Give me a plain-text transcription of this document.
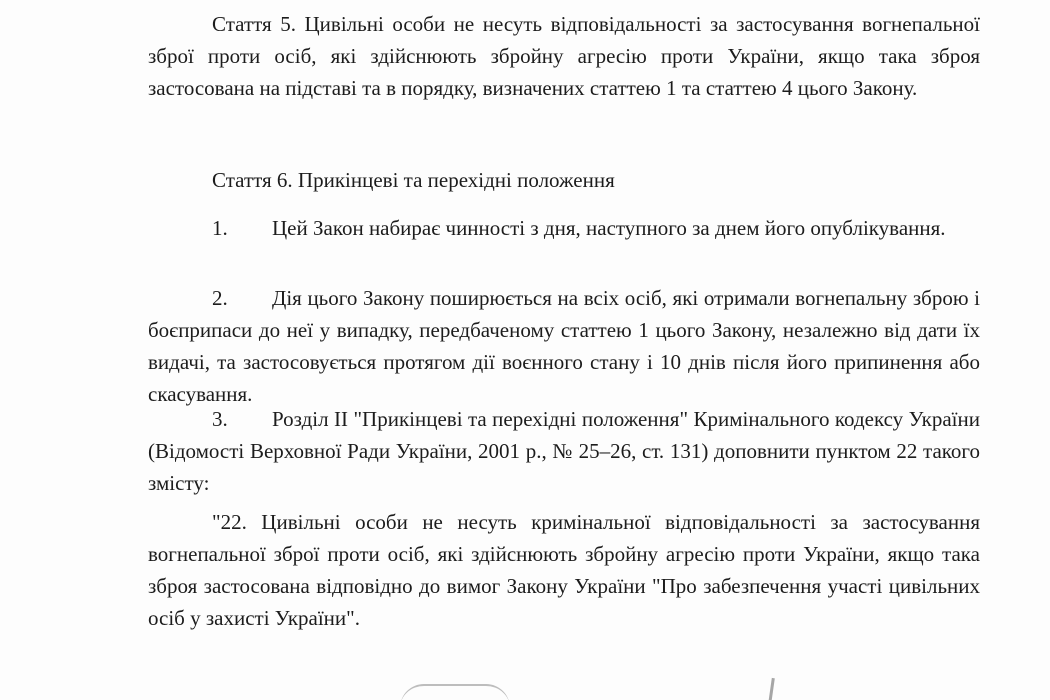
Стаття 5. Цивільні особи не несуть відповідальності за застосування вогнепальної зброї проти осіб, які здійснюють збройну агресію проти України, якщо така зброя застосована на підставі та в порядку, визначених статтею 1 та статтею 4 цього Закону.

Стаття 6. Прикінцеві та перехідні положення

1. Цей Закон набирає чинності з дня, наступного за днем його опублікування.

2. Дія цього Закону поширюється на всіх осіб, які отримали вогнепальну зброю і боєприпаси до неї у випадку, передбаченому статтею 1 цього Закону, незалежно від дати їх видачі, та застосовується протягом дії воєнного стану і 10 днів після його припинення або скасування.

3. Розділ II "Прикінцеві та перехідні положення" Кримінального кодексу України (Відомості Верховної Ради України, 2001 р., № 25–26, ст. 131) доповнити пунктом 22 такого змісту:

"22. Цивільні особи не несуть кримінальної відповідальності за застосування вогнепальної зброї проти осіб, які здійснюють збройну агресію проти України, якщо така зброя застосована відповідно до вимог Закону України "Про забезпечення участі цивільних осіб у захисті України".
